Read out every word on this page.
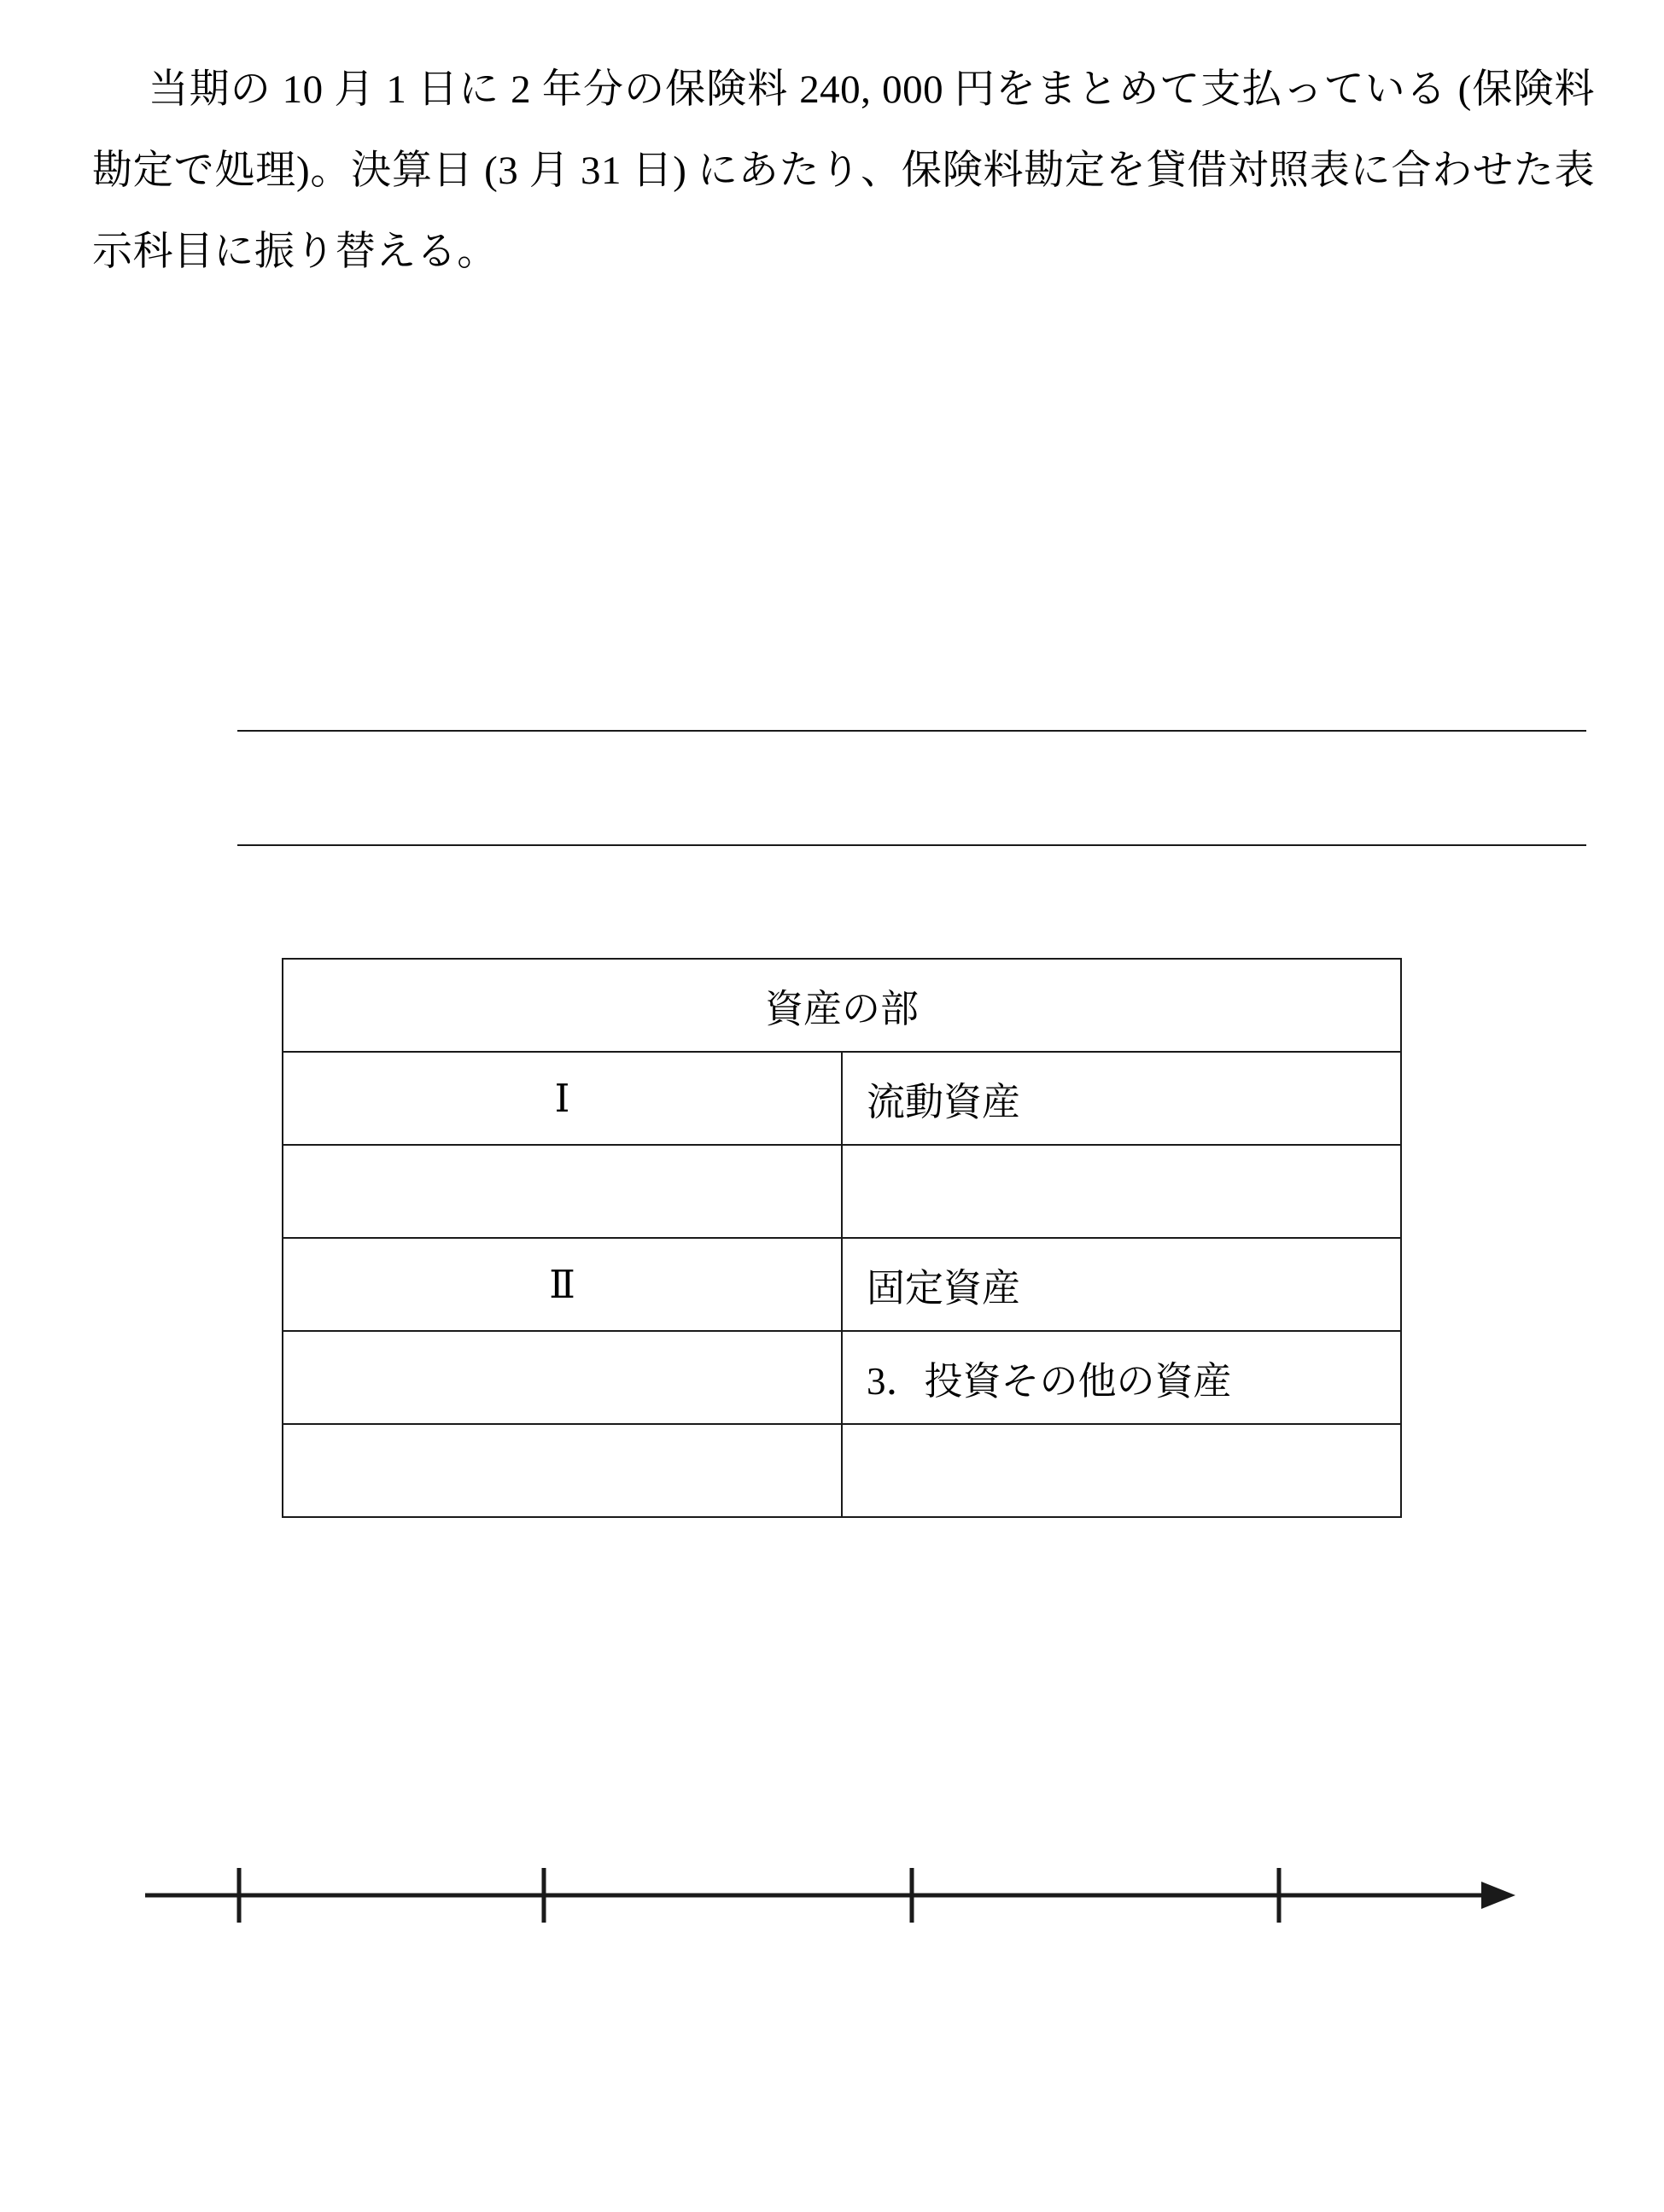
当期の 10 月 1 日に 2 年分の保険料 240, 000 円をまとめて支払っている (保険料勘定で処理)。決算日 (3 月 31 日) にあたり、保険料勘定を貸借対照表に合わせた表示科目に振り替える。
資産の部	
Ⅰ	流動資産

Ⅱ	固定資産
	3．投資その他の資産
